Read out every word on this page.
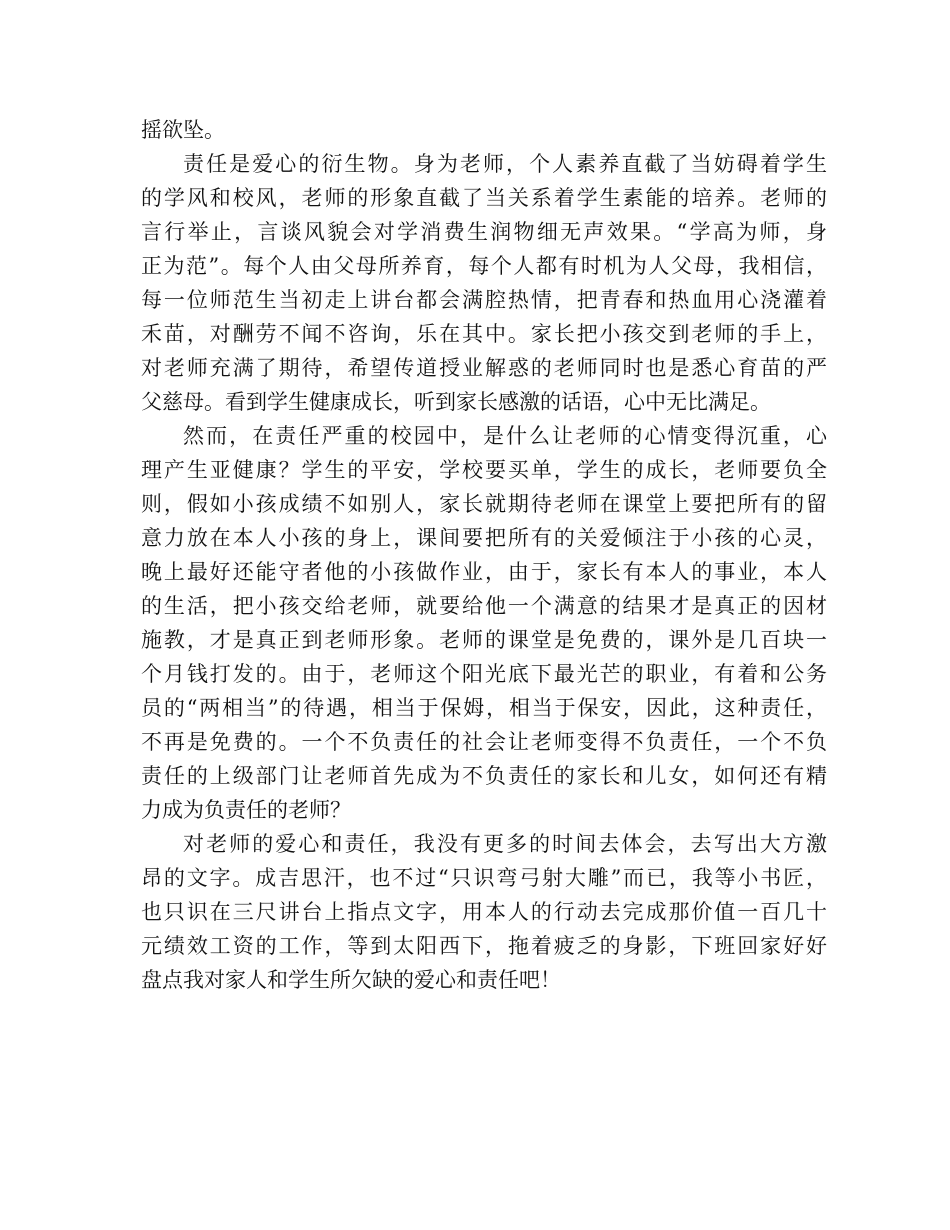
摇欲坠。
责任是爱心的衍生物。身为老师，个人素养直截了当妨碍着学生
的学风和校风，老师的形象直截了当关系着学生素能的培养。老师的
言行举止，言谈风貌会对学消费生润物细无声效果。“学高为师，身
正为范”。每个人由父母所养育，每个人都有时机为人父母，我相信，
每一位师范生当初走上讲台都会满腔热情，把青春和热血用心浇灌着
禾苗，对酬劳不闻不咨询，乐在其中。家长把小孩交到老师的手上，
对老师充满了期待，希望传道授业解惑的老师同时也是悉心育苗的严
父慈母。看到学生健康成长，听到家长感激的话语，心中无比满足。
然而，在责任严重的校园中，是什么让老师的心情变得沉重，心
理产生亚健康？学生的平安，学校要买单，学生的成长，老师要负全
则，假如小孩成绩不如别人，家长就期待老师在课堂上要把所有的留
意力放在本人小孩的身上，课间要把所有的关爱倾注于小孩的心灵，
晚上最好还能守者他的小孩做作业，由于，家长有本人的事业，本人
的生活，把小孩交给老师，就要给他一个满意的结果才是真正的因材
施教，才是真正到老师形象。老师的课堂是免费的，课外是几百块一
个月钱打发的。由于，老师这个阳光底下最光芒的职业，有着和公务
员的“两相当”的待遇，相当于保姆，相当于保安，因此，这种责任，
不再是免费的。一个不负责任的社会让老师变得不负责任，一个不负
责任的上级部门让老师首先成为不负责任的家长和儿女，如何还有精
力成为负责任的老师？
对老师的爱心和责任，我没有更多的时间去体会，去写出大方激
昂的文字。成吉思汗，也不过“只识弯弓射大雕”而已，我等小书匠，
也只识在三尺讲台上指点文字，用本人的行动去完成那价值一百几十
元绩效工资的工作，等到太阳西下，拖着疲乏的身影，下班回家好好
盘点我对家人和学生所欠缺的爱心和责任吧！
